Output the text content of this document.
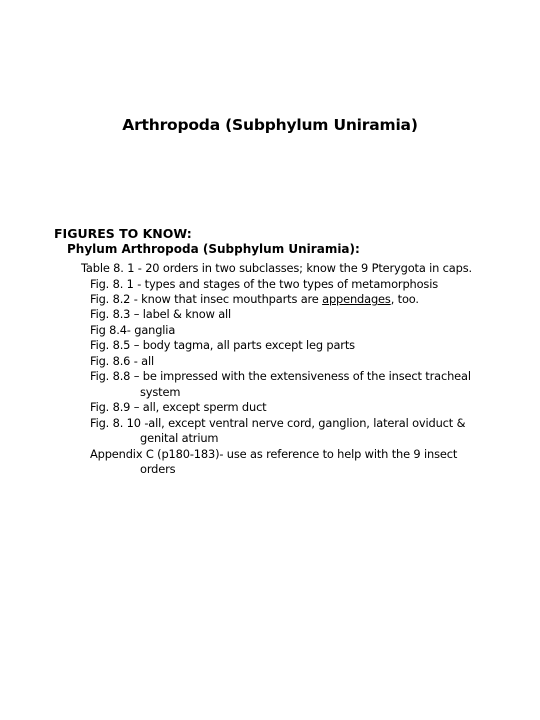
Arthropoda (Subphylum Uniramia)
FIGURES TO KNOW:
Phylum Arthropoda (Subphylum Uniramia):
Table 8. 1 - 20 orders in two subclasses; know the 9 Pterygota in caps.
Fig. 8. 1 - types and stages of the two types of metamorphosis
Fig. 8.2 - know that insec mouthparts are appendages, too.
Fig. 8.3 – label & know all
Fig 8.4- ganglia
Fig. 8.5 – body tagma, all parts except leg parts
Fig. 8.6 - all
Fig. 8.8 – be impressed with the extensiveness of the insect tracheal
system
Fig. 8.9 – all, except sperm duct
Fig. 8. 10 -all, except ventral nerve cord, ganglion, lateral oviduct &
genital atrium
Appendix C (p180-183)- use as reference to help with the 9 insect
orders
